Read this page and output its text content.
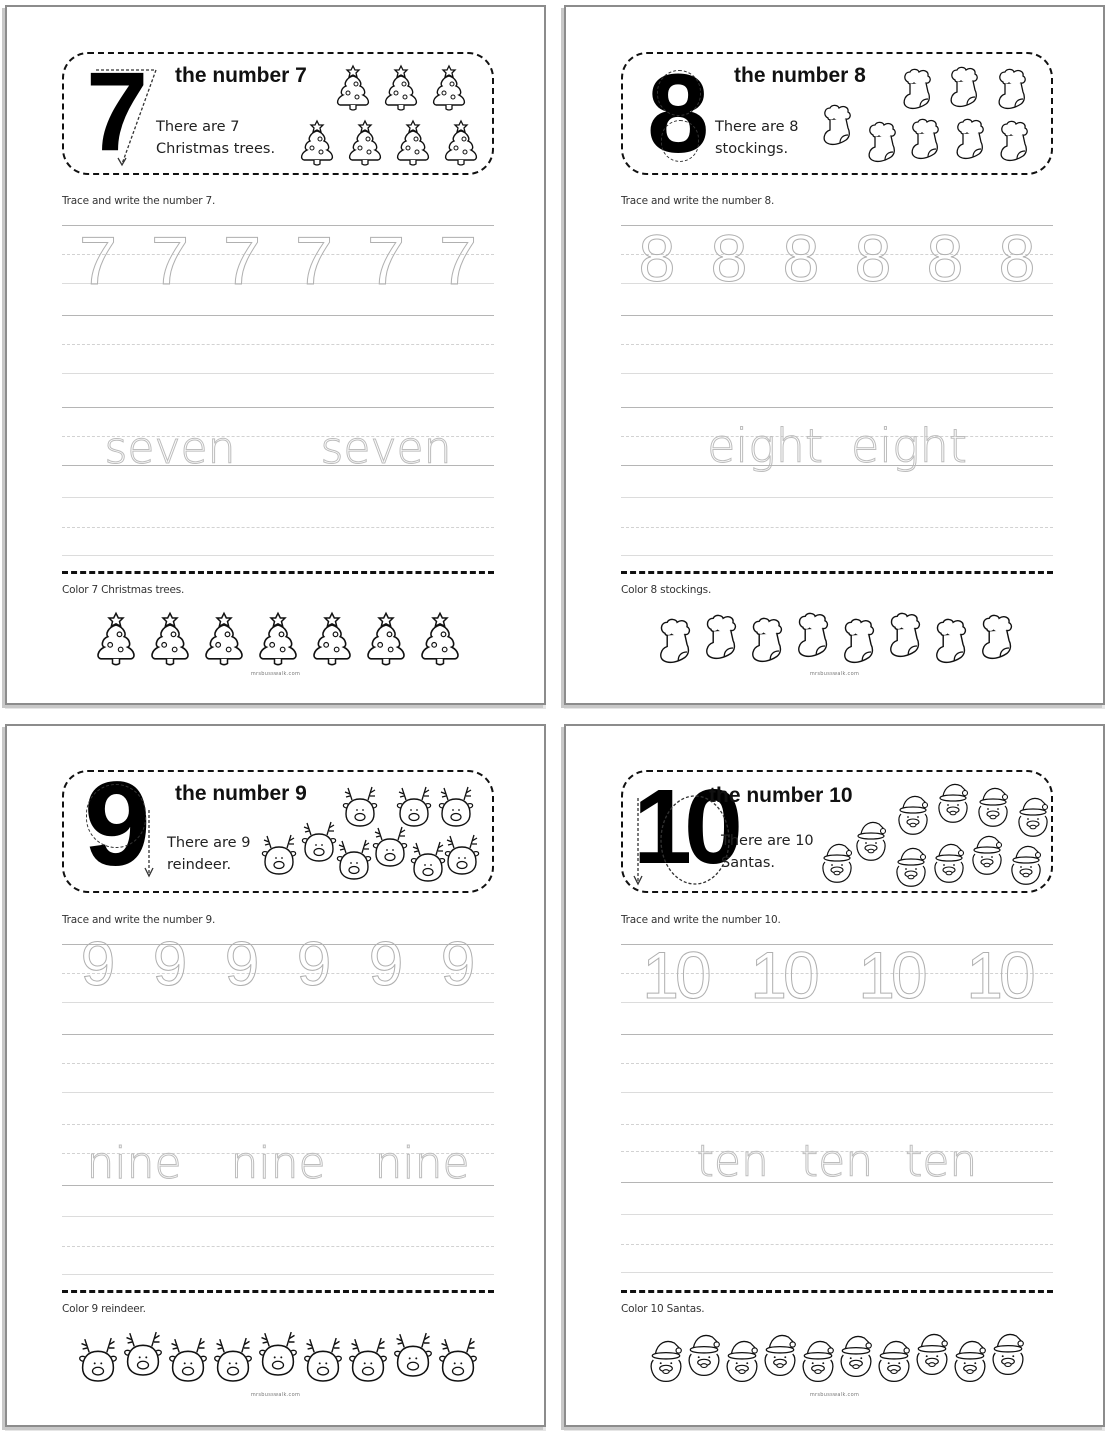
7 the number 7
There are 7
Christmas trees.
Trace and write the number 7.
7 7 7 7 7 7
seven seven
Color 7 Christmas trees.
mrsbusswalk.com
8 the number 8
There are 8
stockings.
Trace and write the number 8.
8 8 8 8 8 8
eight eight
Color 8 stockings.
mrsbusswalk.com
9 the number 9
There are 9
reindeer.
Trace and write the number 9.
9 9 9 9 9 9
nine nine nine
Color 9 reindeer.
mrsbusswalk.com
10
the number 10
There are 10
Santas.
Trace and write the number 10.
10 10 10 10
ten ten ten
Color 10 Santas.
mrsbusswalk.com
